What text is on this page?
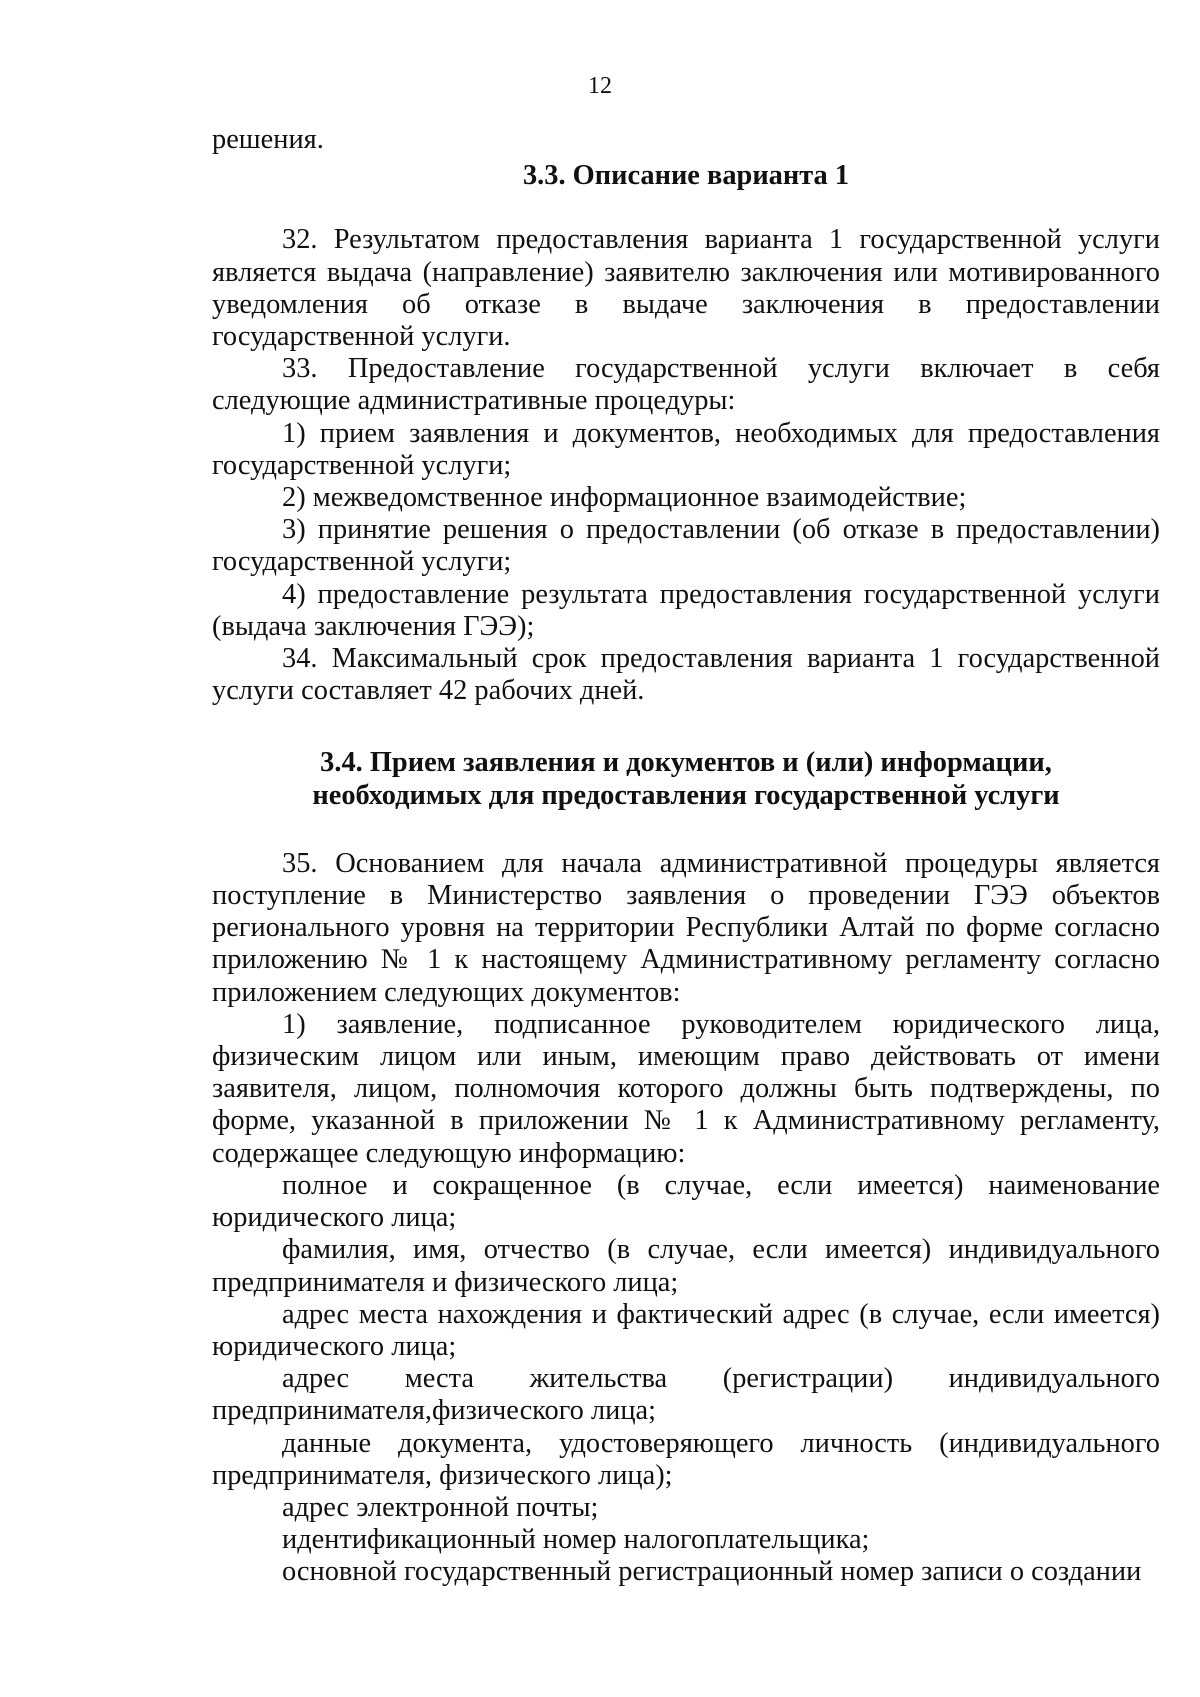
12

решения.

3.3. Описание варианта 1

32. Результатом предоставления варианта 1 государственной услуги является выдача (направление) заявителю заключения или мотивированного уведомления об отказе в выдаче заключения в предоставлении государственной услуги.

33. Предоставление государственной услуги включает в себя следующие административные процедуры:

1) прием заявления и документов, необходимых для предоставления государственной услуги;

2) межведомственное информационное взаимодействие;

3) принятие решения о предоставлении (об отказе в предоставлении) государственной услуги;

4) предоставление результата предоставления государственной услуги (выдача заключения ГЭЭ);

34. Максимальный срок предоставления варианта 1 государственной услуги составляет 42 рабочих дней.

3.4. Прием заявления и документов и (или) информации,
необходимых для предоставления государственной услуги

35. Основанием для начала административной процедуры является поступление в Министерство заявления о проведении ГЭЭ объектов регионального уровня на территории Республики Алтай по форме согласно приложению № 1 к настоящему Административному регламенту согласно приложением следующих документов:

1) заявление, подписанное руководителем юридического лица, физическим лицом или иным, имеющим право действовать от имени заявителя, лицом, полномочия которого должны быть подтверждены, по форме, указанной в приложении № 1 к Административному регламенту, содержащее следующую информацию:

полное и сокращенное (в случае, если имеется) наименование юридического лица;

фамилия, имя, отчество (в случае, если имеется) индивидуального предпринимателя и физического лица;

адрес места нахождения и фактический адрес (в случае, если имеется) юридического лица;

адрес места жительства (регистрации) индивидуального предпринимателя,физического лица;

данные документа, удостоверяющего личность (индивидуального предпринимателя, физического лица);

адрес электронной почты;

идентификационный номер налогоплательщика;

основной государственный регистрационный номер записи о создании
